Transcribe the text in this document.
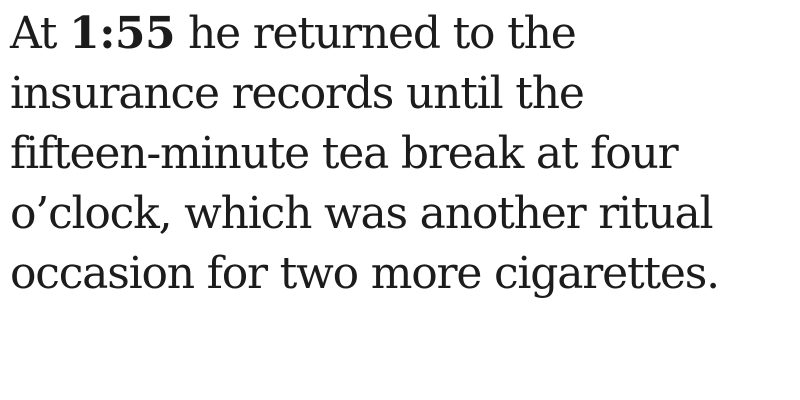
At 1:55 he returned to the
insurance records until the
fifteen-minute tea break at four
o’clock, which was another ritual
occasion for two more cigarettes.
